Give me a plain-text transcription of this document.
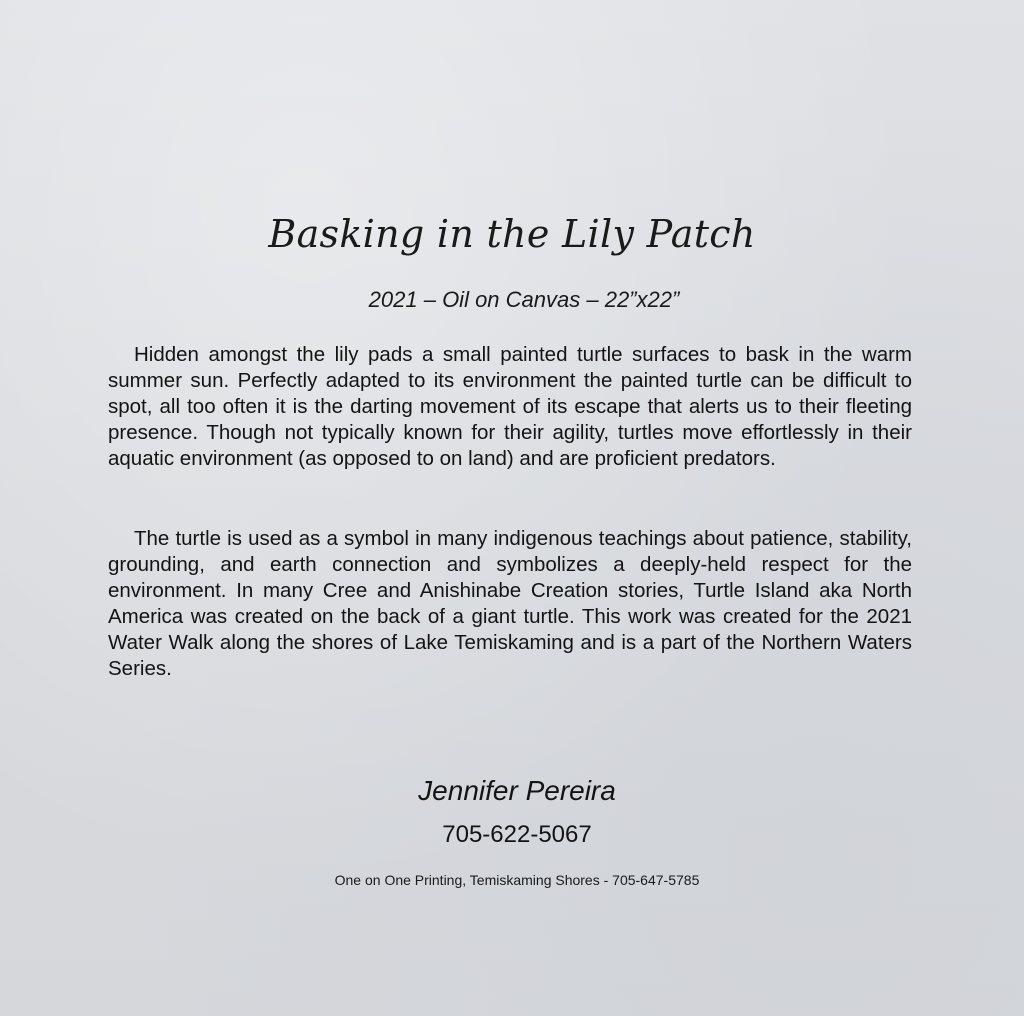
Basking in the Lily Patch
2021 – Oil on Canvas – 22”x22”

Hidden amongst the lily pads a small painted turtle surfaces to bask in the warm summer sun. Perfectly adapted to its environment the painted turtle can be difficult to spot, all too often it is the darting movement of its escape that alerts us to their fleeting presence. Though not typically known for their agility, turtles move effortlessly in their aquatic environment (as opposed to on land) and are proficient predators.

The turtle is used as a symbol in many indigenous teachings about patience, stability, grounding, and earth connection and symbolizes a deeply-held respect for the environment. In many Cree and Anishinabe Creation stories, Turtle Island aka North America was created on the back of a giant turtle. This work was created for the 2021 Water Walk along the shores of Lake Temiskaming and is a part of the Northern Waters Series.

Jennifer Pereira
705-622-5067
One on One Printing, Temiskaming Shores - 705-647-5785
